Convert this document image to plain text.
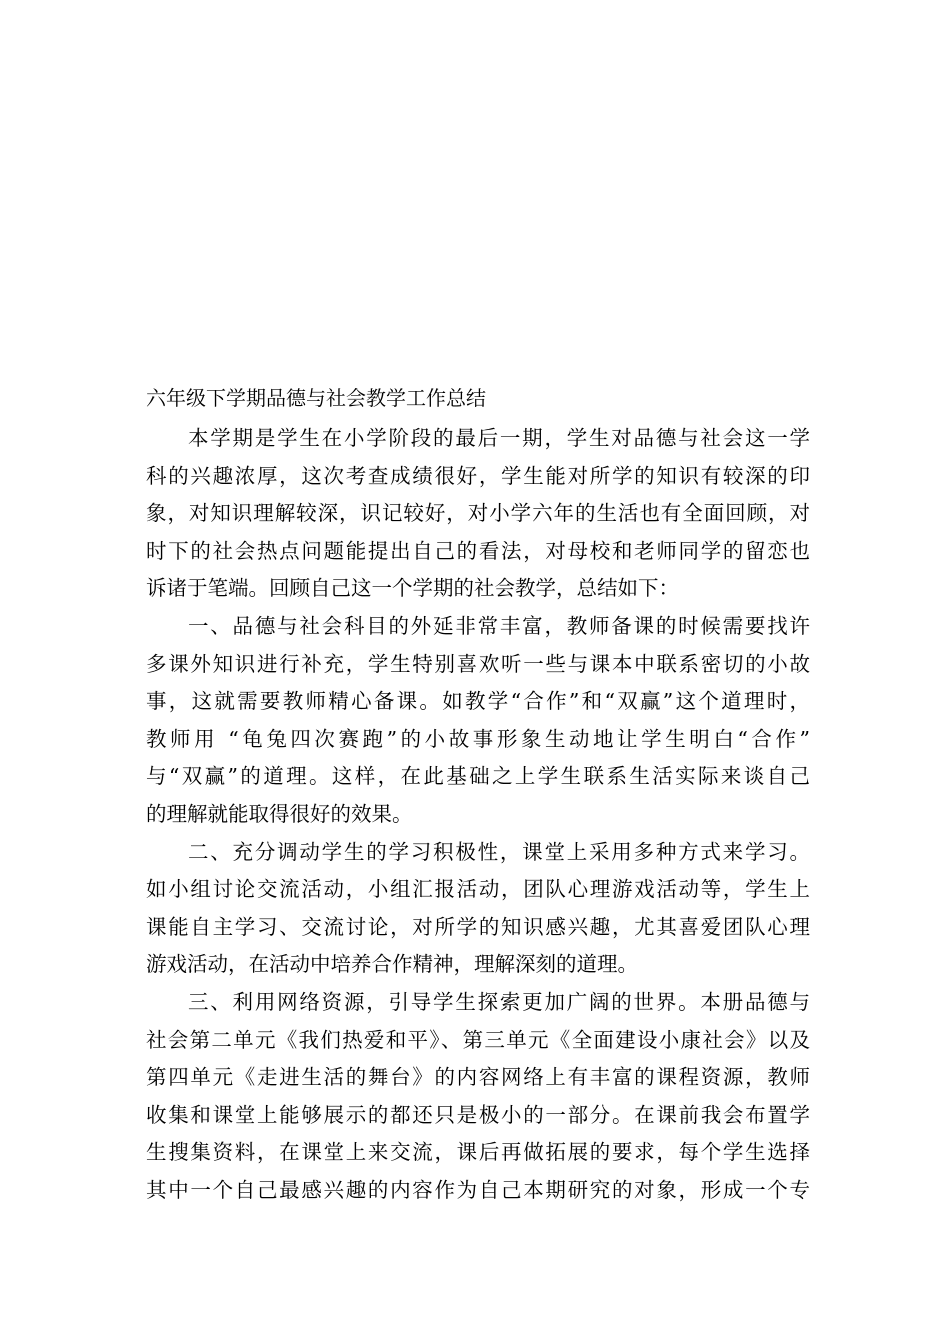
六年级下学期品德与社会教学工作总结

本学期是学生在小学阶段的最后一期，学生对品德与社会这一学
科的兴趣浓厚，这次考查成绩很好，学生能对所学的知识有较深的印
象，对知识理解较深，识记较好，对小学六年的生活也有全面回顾，对
时下的社会热点问题能提出自己的看法，对母校和老师同学的留恋也
诉诸于笔端。回顾自己这一个学期的社会教学，总结如下：

一、品德与社会科目的外延非常丰富，教师备课的时候需要找许
多课外知识进行补充，学生特别喜欢听一些与课本中联系密切的小故
事，这就需要教师精心备课。如教学“合作”和“双赢”这个道理时，
教师用 “龟兔四次赛跑”的小故事形象生动地让学生明白“合作”
与“双赢”的道理。这样，在此基础之上学生联系生活实际来谈自己
的理解就能取得很好的效果。

二、充分调动学生的学习积极性，课堂上采用多种方式来学习。
如小组讨论交流活动，小组汇报活动，团队心理游戏活动等，学生上
课能自主学习、交流讨论，对所学的知识感兴趣，尤其喜爱团队心理
游戏活动，在活动中培养合作精神，理解深刻的道理。

三、利用网络资源，引导学生探索更加广阔的世界。本册品德与
社会第二单元《我们热爱和平》、第三单元《全面建设小康社会》以及
第四单元《走进生活的舞台》的内容网络上有丰富的课程资源，教师
收集和课堂上能够展示的都还只是极小的一部分。在课前我会布置学
生搜集资料，在课堂上来交流，课后再做拓展的要求，每个学生选择
其中一个自己最感兴趣的内容作为自己本期研究的对象，形成一个专
